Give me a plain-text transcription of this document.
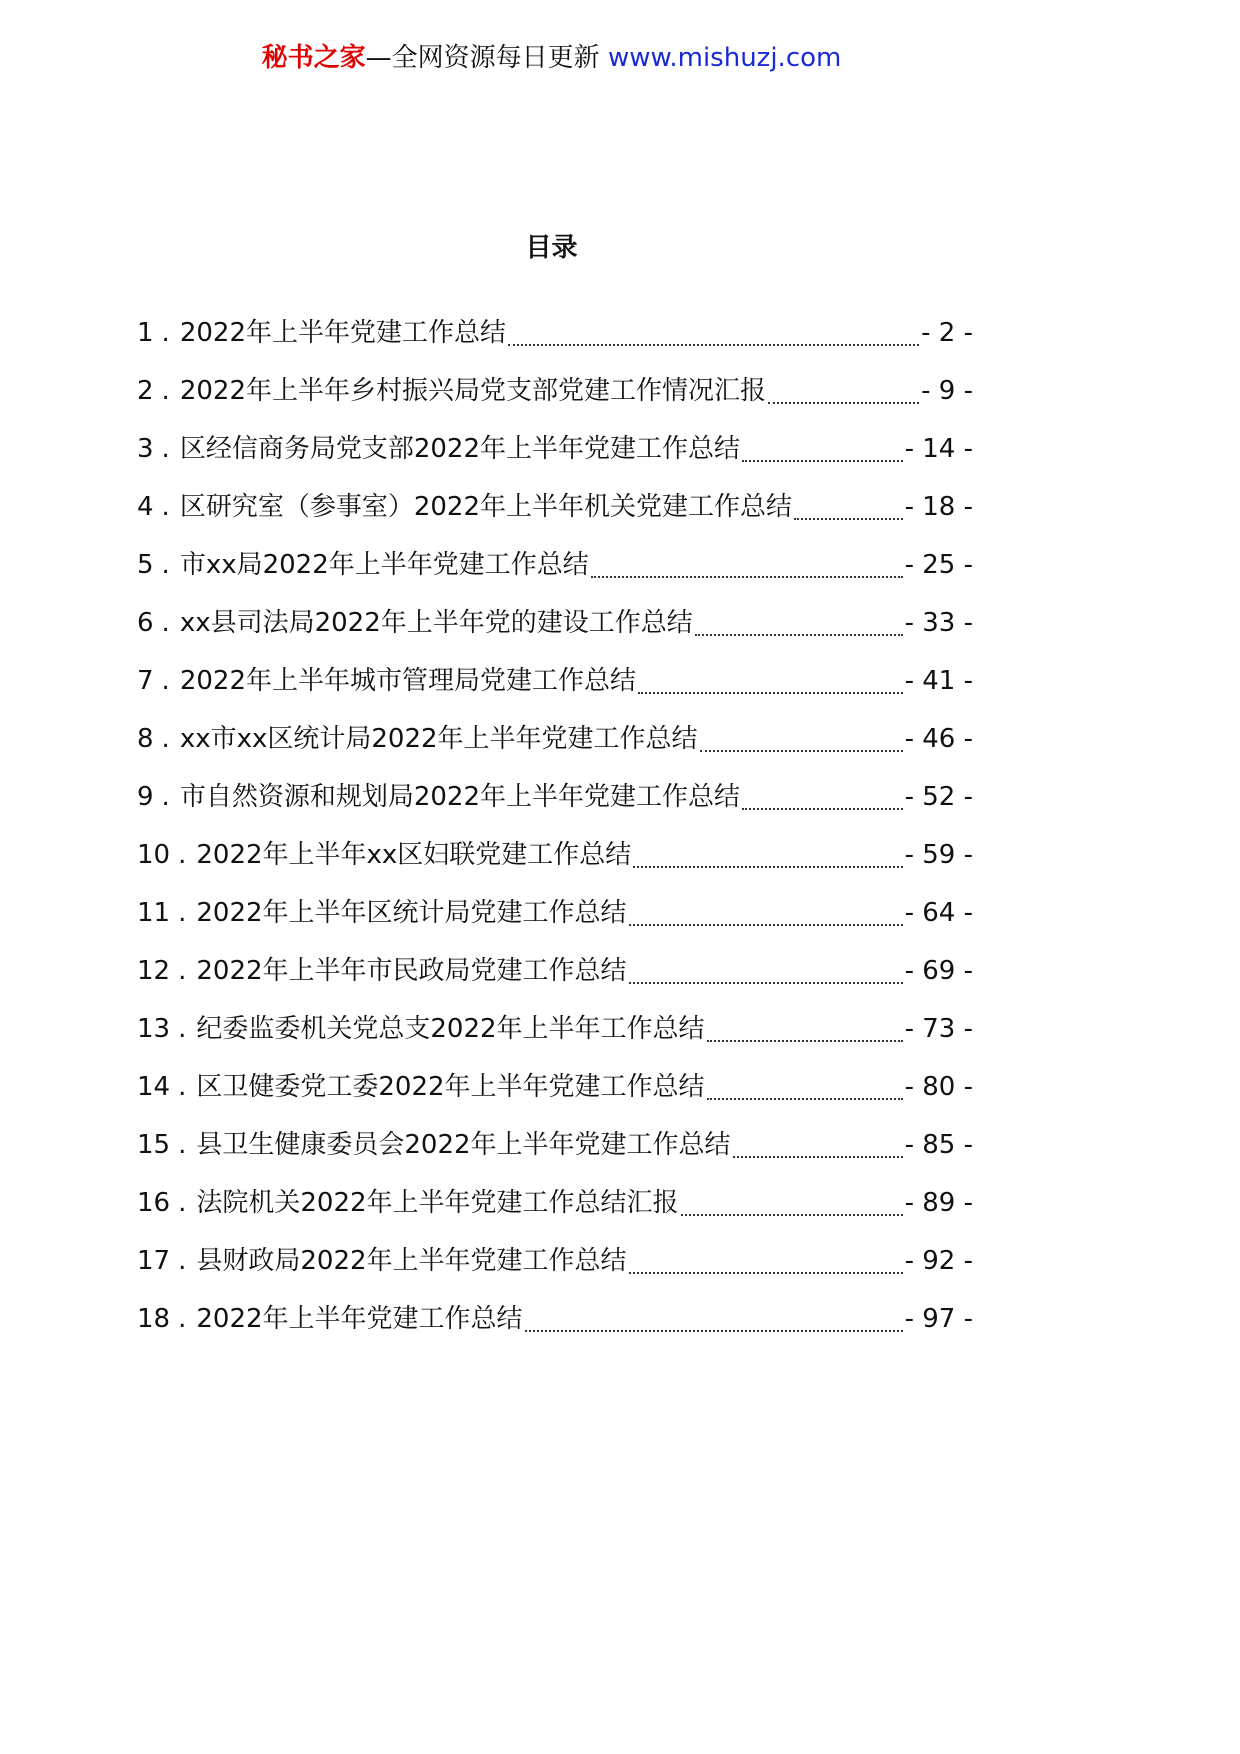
秘书之家—全网资源每日更新 www.mishuzj.com
目录
1 . 2022年上半年党建工作总结	- 2 -
2 . 2022年上半年乡村振兴局党支部党建工作情况汇报	- 9 -
3 . 区经信商务局党支部2022年上半年党建工作总结	- 14 -
4 . 区研究室（参事室）2022年上半年机关党建工作总结	- 18 -
5 . 市xx局2022年上半年党建工作总结	- 25 -
6 . xx县司法局2022年上半年党的建设工作总结	- 33 -
7 . 2022年上半年城市管理局党建工作总结	- 41 -
8 . xx市xx区统计局2022年上半年党建工作总结	- 46 -
9 . 市自然资源和规划局2022年上半年党建工作总结	- 52 -
10 . 2022年上半年xx区妇联党建工作总结	- 59 -
11 . 2022年上半年区统计局党建工作总结	- 64 -
12 . 2022年上半年市民政局党建工作总结	- 69 -
13 . 纪委监委机关党总支2022年上半年工作总结	- 73 -
14 . 区卫健委党工委2022年上半年党建工作总结	- 80 -
15 . 县卫生健康委员会2022年上半年党建工作总结	- 85 -
16 . 法院机关2022年上半年党建工作总结汇报	- 89 -
17 . 县财政局2022年上半年党建工作总结	- 92 -
18 . 2022年上半年党建工作总结	- 97 -
